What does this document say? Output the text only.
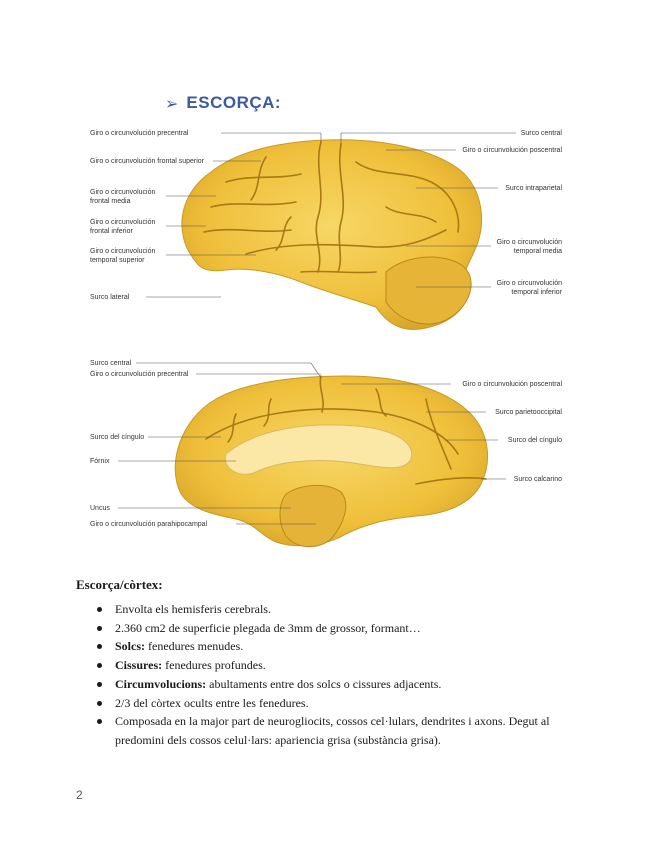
➢ ESCORÇA:
Giro o circunvolución precentral
Giro o circunvolución frontal superior
Giro o circunvolución
frontal media
Giro o circunvolución
frontal inferior
Giro o circunvolución
temporal superior
Surco lateral
Surco central
Giro o circunvolución poscentral
Surco intraparietal
Giro o circunvolución
temporal media
Giro o circunvolución
temporal inferior
Surco central
Giro o circunvolución precentral
Surco del cíngulo
Fórnix
Uncus
Giro o circunvolución parahipocampal
Giro o circunvolución poscentral
Surco parietooccipital
Surco del cíngulo
Surco calcarino
Escorça/còrtex:
Envolta els hemisferis cerebrals.
2.360 cm2 de superficie plegada de 3mm de grossor, formant…
Solcs: fenedures menudes.
Cissures: fenedures profundes.
Circumvolucions: abultaments entre dos solcs o cissures adjacents.
2/3 del còrtex ocults entre les fenedures.
Composada en la major part de neurogliocits, cossos cel·lulars, dendrites i axons. Degut al predomini dels cossos celul·lars: apariencia grisa (substància grisa).
2
